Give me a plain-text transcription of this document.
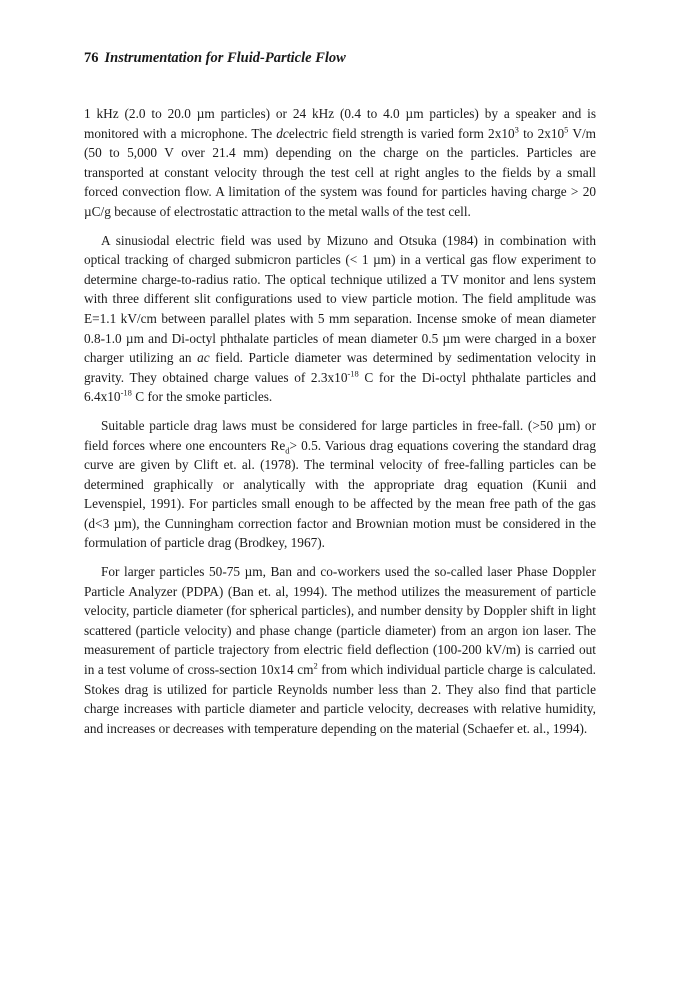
76 Instrumentation for Fluid-Particle Flow

1 kHz (2.0 to 20.0 µm particles) or 24 kHz (0.4 to 4.0 µm particles) by a speaker and is monitored with a microphone. The dcelectric field strength is varied form $2x10^3$ to $2x10^5$ V/m (50 to 5,000 V over 21.4 mm) depending on the charge on the particles. Particles are transported at constant velocity through the test cell at right angles to the fields by a small forced convection flow. A limitation of the system was found for particles having charge > 20 µC/g because of electrostatic attraction to the metal walls of the test cell.

A sinusiodal electric field was used by Mizuno and Otsuka (1984) in combination with optical tracking of charged submicron particles (< 1 µm) in a vertical gas flow experiment to determine charge-to-radius ratio. The optical technique utilized a TV monitor and lens system with three different slit configurations used to view particle motion. The field amplitude was E=1.1 kV/cm between parallel plates with 5 mm separation. Incense smoke of mean diameter 0.8-1.0 µm and Di-octyl phthalate particles of mean diameter 0.5 µm were charged in a boxer charger utilizing an ac field. Particle diameter was determined by sedimentation velocity in gravity. They obtained charge values of $2.3x10^{-18}$ C for the Di-octyl phthalate particles and $6.4x10^{-18}$ C for the smoke particles.

Suitable particle drag laws must be considered for large particles in free-fall. (>50 µm) or field forces where one encounters $Re_d> 0.5$. Various drag equations covering the standard drag curve are given by Clift et. al. (1978). The terminal velocity of free-falling particles can be determined graphically or analytically with the appropriate drag equation (Kunii and Levenspiel, 1991). For particles small enough to be affected by the mean free path of the gas (d<3 µm), the Cunningham correction factor and Brownian motion must be considered in the formulation of particle drag (Brodkey, 1967).

For larger particles 50-75 µm, Ban and co-workers used the so-called laser Phase Doppler Particle Analyzer (PDPA) (Ban et. al, 1994). The method utilizes the measurement of particle velocity, particle diameter (for spherical particles), and number density by Doppler shift in light scattered (particle velocity) and phase change (particle diameter) from an argon ion laser. The measurement of particle trajectory from electric field deflection (100-200 kV/m) is carried out in a test volume of cross-section 10x14 $cm^2$ from which individual particle charge is calculated. Stokes drag is utilized for particle Reynolds number less than 2. They also find that particle charge increases with particle diameter and particle velocity, decreases with relative humidity, and increases or decreases with temperature depending on the material (Schaefer et. al., 1994).
